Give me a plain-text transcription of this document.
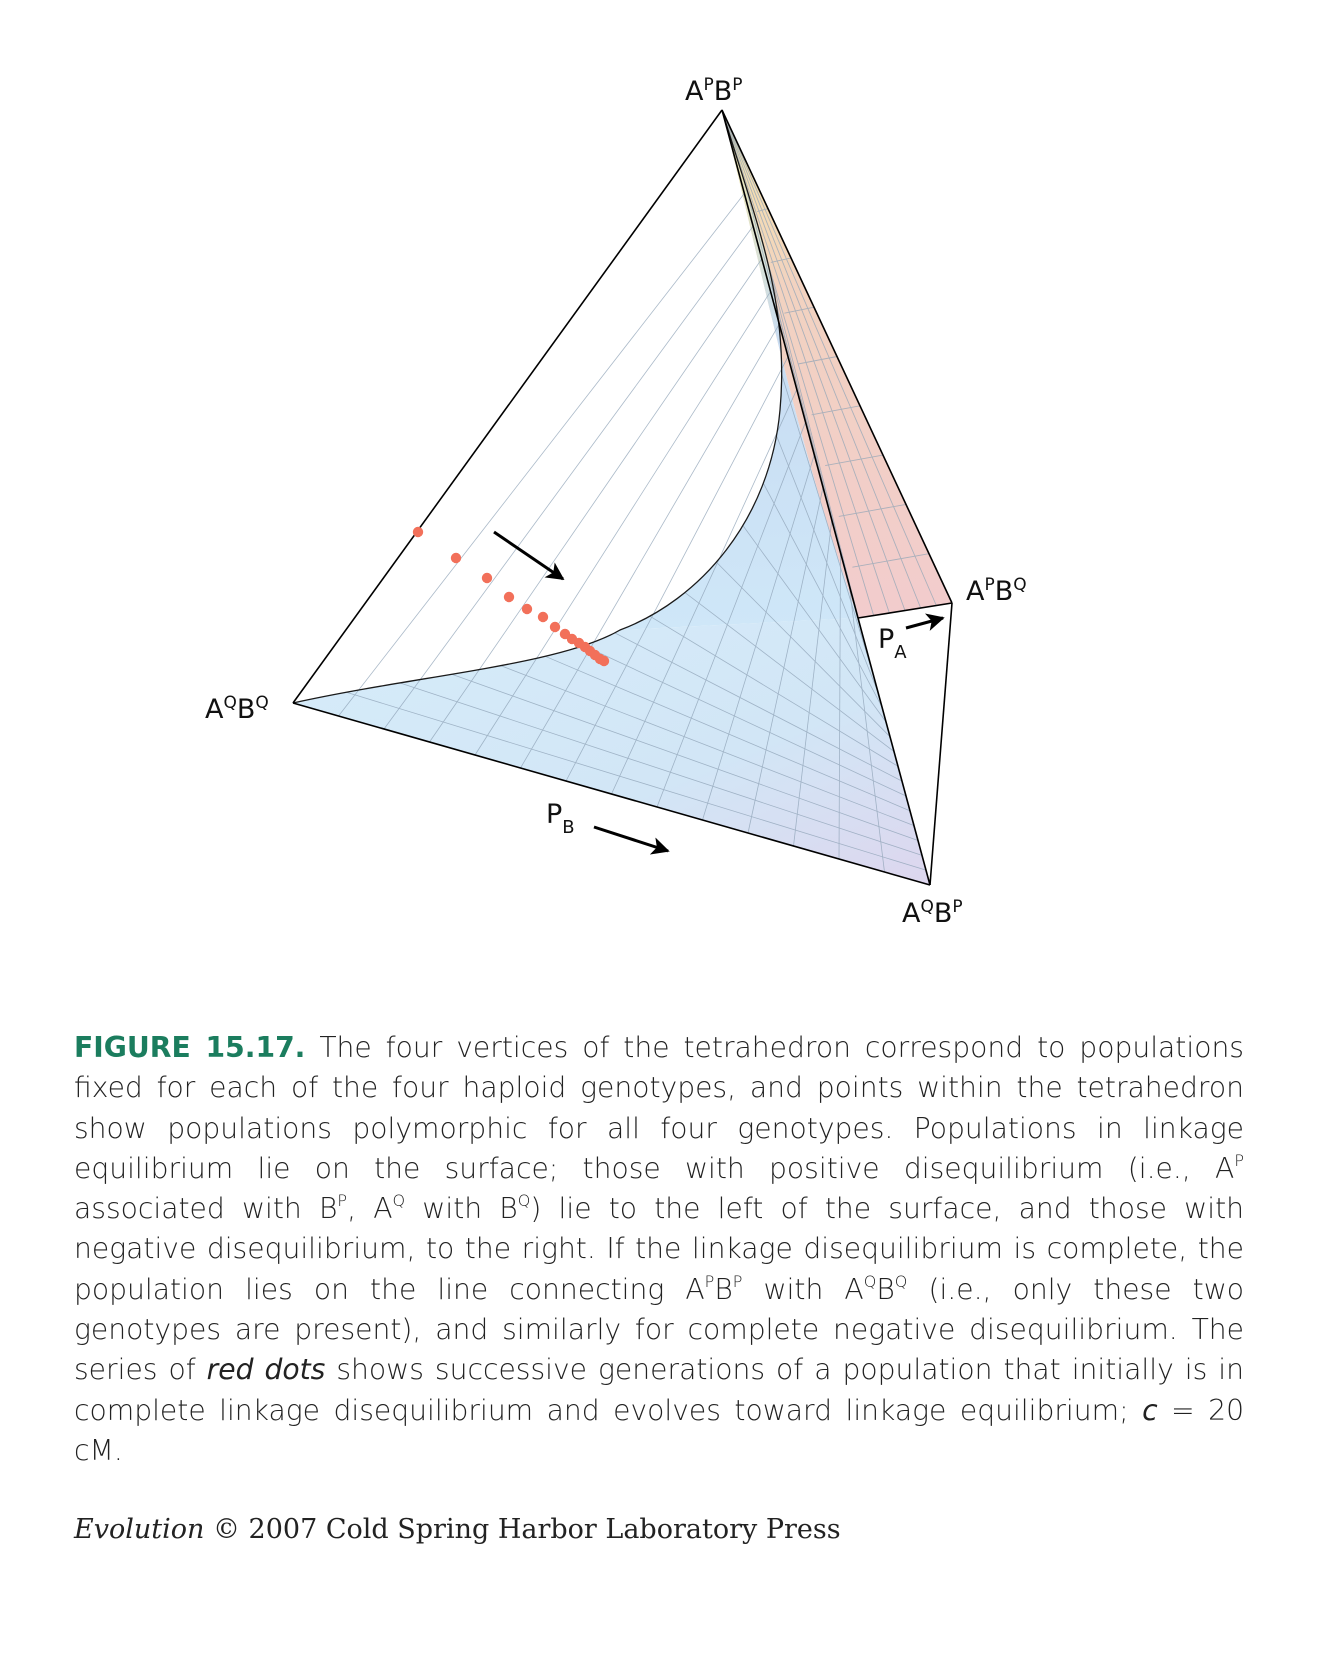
$A^PB^P$
$A^PB^Q$
$A^QB^Q$
$A^QB^P$
$P_A$
$P_B$

FIGURE 15.17. The four vertices of the tetrahedron correspond to populations fixed for each of the four haploid genotypes, and points within the tetrahedron show populations polymorphic for all four genotypes. Populations in linkage equilibrium lie on the surface; those with positive disequilibrium (i.e., $A^P$ associated with $B^P$, $A^Q$ with $B^Q$) lie to the left of the surface, and those with negative disequilibrium, to the right. If the linkage disequilibrium is complete, the population lies on the line connecting $A^PB^P$ with $A^QB^Q$ (i.e., only these two genotypes are present), and similarly for complete negative disequilibrium. The series of red dots shows successive generations of a population that initially is in complete linkage disequilibrium and evolves toward linkage equilibrium; c = 20 cM.

Evolution © 2007 Cold Spring Harbor Laboratory Press
